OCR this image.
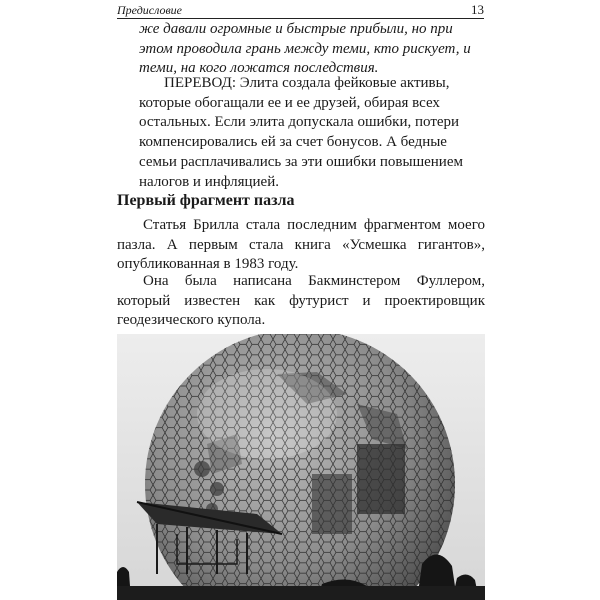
Предисловие	13
же давали огромные и быстрые прибыли, но при
этом проводила грань между теми, кто рискует, и
теми, на кого ложатся последствия.
ПЕРЕВОД: Элита создала фейковые активы,
которые обогащали ее и ее друзей, обирая всех
остальных. Если элита допускала ошибки, потери
компенсировались ей за счет бонусов. А бедные
семьи расплачивались за эти ошибки повышением
налогов и инфляцией.
Первый фрагмент пазла

Статья Брилла стала последним фрагментом моего пазла. А первым стала книга «Усмешка гигантов», опубликованная в 1983 году.

Она была написана Бакминстером Фуллером, который известен как футурист и проектировщик геодезического купола.
